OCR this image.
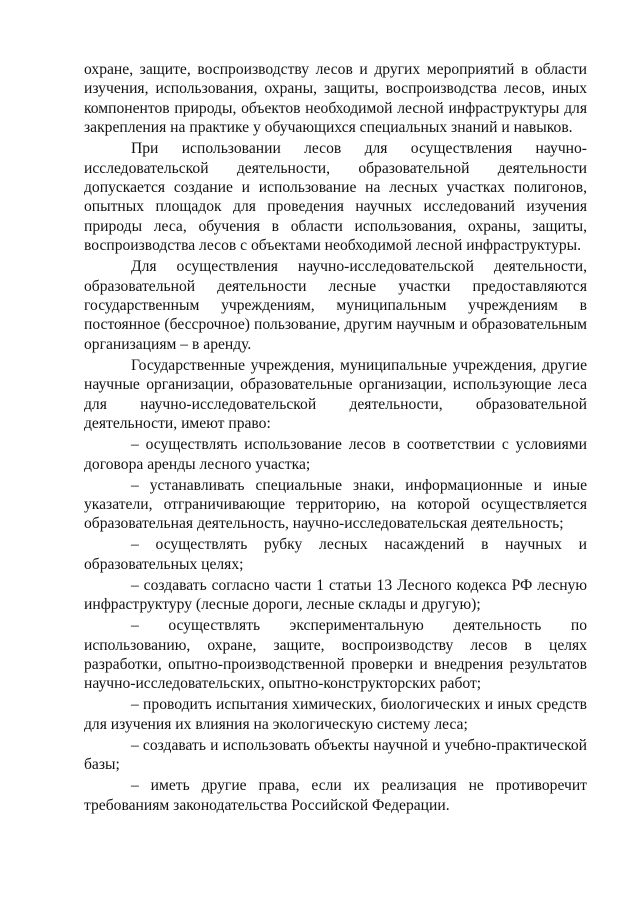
охране, защите, воспроизводству лесов и других мероприятий в области изучения, использования, охраны, защиты, воспроизводства лесов, иных компонентов природы, объектов необходимой лесной инфраструктуры для закрепления на практике у обучающихся специальных знаний и навыков.

При использовании лесов для осуществления научно-исследовательской деятельности, образовательной деятельности допускается создание и использование на лесных участках полигонов, опытных площадок для проведения научных исследований изучения природы леса, обучения в области использования, охраны, защиты, воспроизводства лесов с объектами необходимой лесной инфраструктуры.

Для осуществления научно-исследовательской деятельности, образовательной деятельности лесные участки предоставляются государственным учреждениям, муниципальным учреждениям в постоянное (бессрочное) пользование, другим научным и образовательным организациям – в аренду.

Государственные учреждения, муниципальные учреждения, другие научные организации, образовательные организации, использующие леса для научно-исследовательской деятельности, образовательной деятельности, имеют право:

– осуществлять использование лесов в соответствии с условиями договора аренды лесного участка;

– устанавливать специальные знаки, информационные и иные указатели, отграничивающие территорию, на которой осуществляется образовательная деятельность, научно-исследовательская деятельность;

– осуществлять рубку лесных насаждений в научных и образовательных целях;

– создавать согласно части 1 статьи 13 Лесного кодекса РФ лесную инфраструктуру (лесные дороги, лесные склады и другую);

– осуществлять экспериментальную деятельность по использованию, охране, защите, воспроизводству лесов в целях разработки, опытно-производственной проверки и внедрения результатов научно-исследовательских, опытно-конструкторских работ;

– проводить испытания химических, биологических и иных средств для изучения их влияния на экологическую систему леса;

– создавать и использовать объекты научной и учебно-практической базы;

– иметь другие права, если их реализация не противоречит требованиям законодательства Российской Федерации.
